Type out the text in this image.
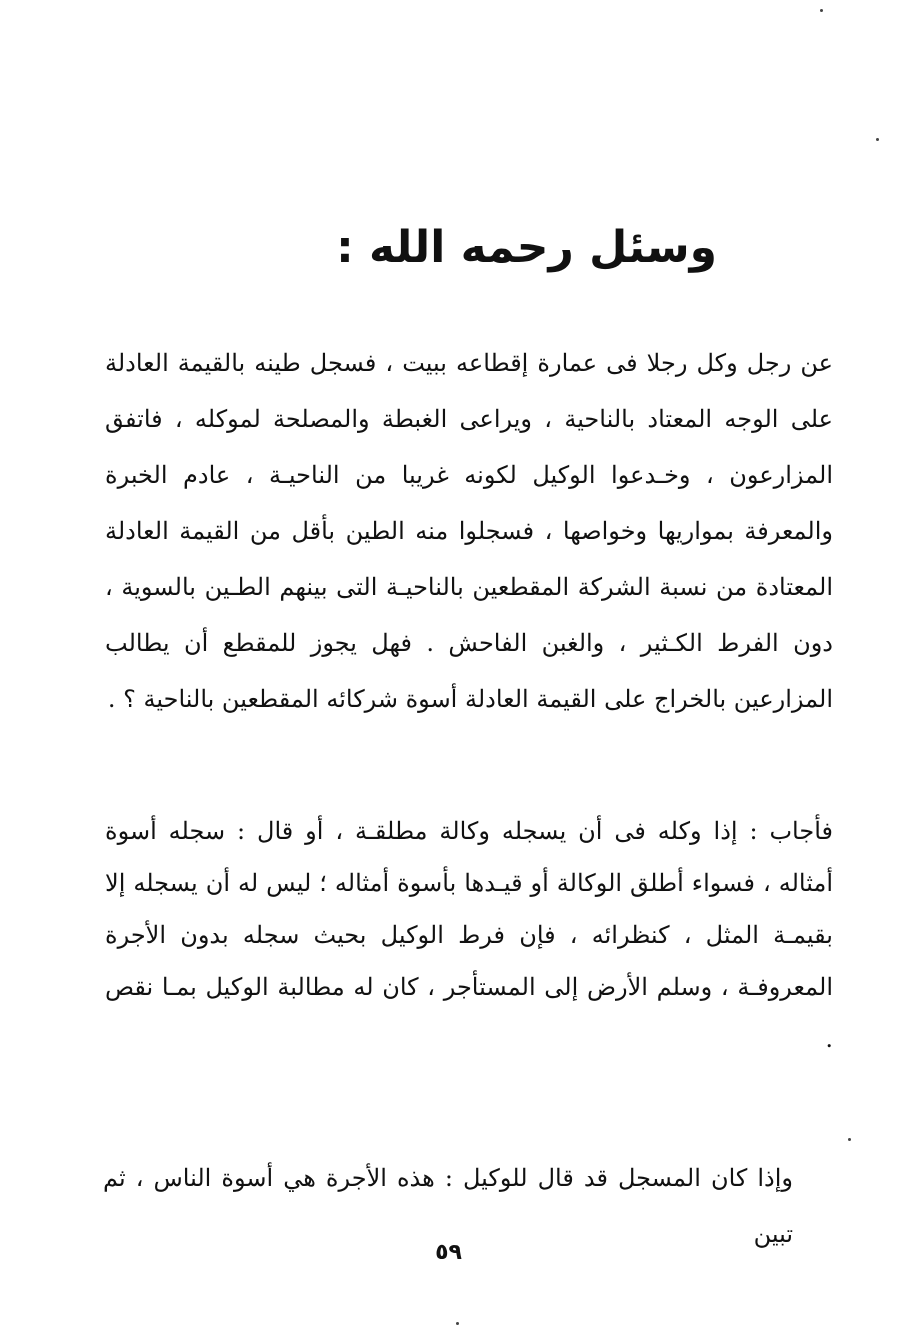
وسئل رحمه الله :

عن رجل وكل رجلا فى عمارة إقطاعه ببيت ، فسجل طينه بالقيمة العادلة على الوجه المعتاد بالناحية ، ويراعى الغبطة والمصلحة لموكله ، فاتفق المزارعون ، وخـدعوا الوكيل لكونه غريبا من الناحيـة ، عادم الخبرة والمعرفة بمواريها وخواصها ، فسجلوا منه الطين بأقل من القيمة العادلة المعتادة من نسبة الشركة المقطعين بالناحيـة التى بينهم الطـين بالسوية ، دون الفرط الكـثير ، والغبن الفاحش . فهل يجوز للمقطع أن يطالب المزارعين بالخراج على القيمة العادلة أسوة شركائه المقطعين بالناحية ؟ .

فأجاب : إذا وكله فى أن يسجله وكالة مطلقـة ، أو قال : سجله أسوة أمثاله ، فسواء أطلق الوكالة أو قيـدها بأسوة أمثاله ؛ ليس له أن يسجله إلا بقيمـة المثل ، كنظرائه ، فإن فرط الوكيل بحيث سجله بدون الأجرة المعروفـة ، وسلم الأرض إلى المستأجر ، كان له مطالبة الوكيل بمـا نقص .

وإذا كان المسجل قد قال للوكيل : هذه الأجرة هي أسوة الناس ، ثم تبين

٥٩
